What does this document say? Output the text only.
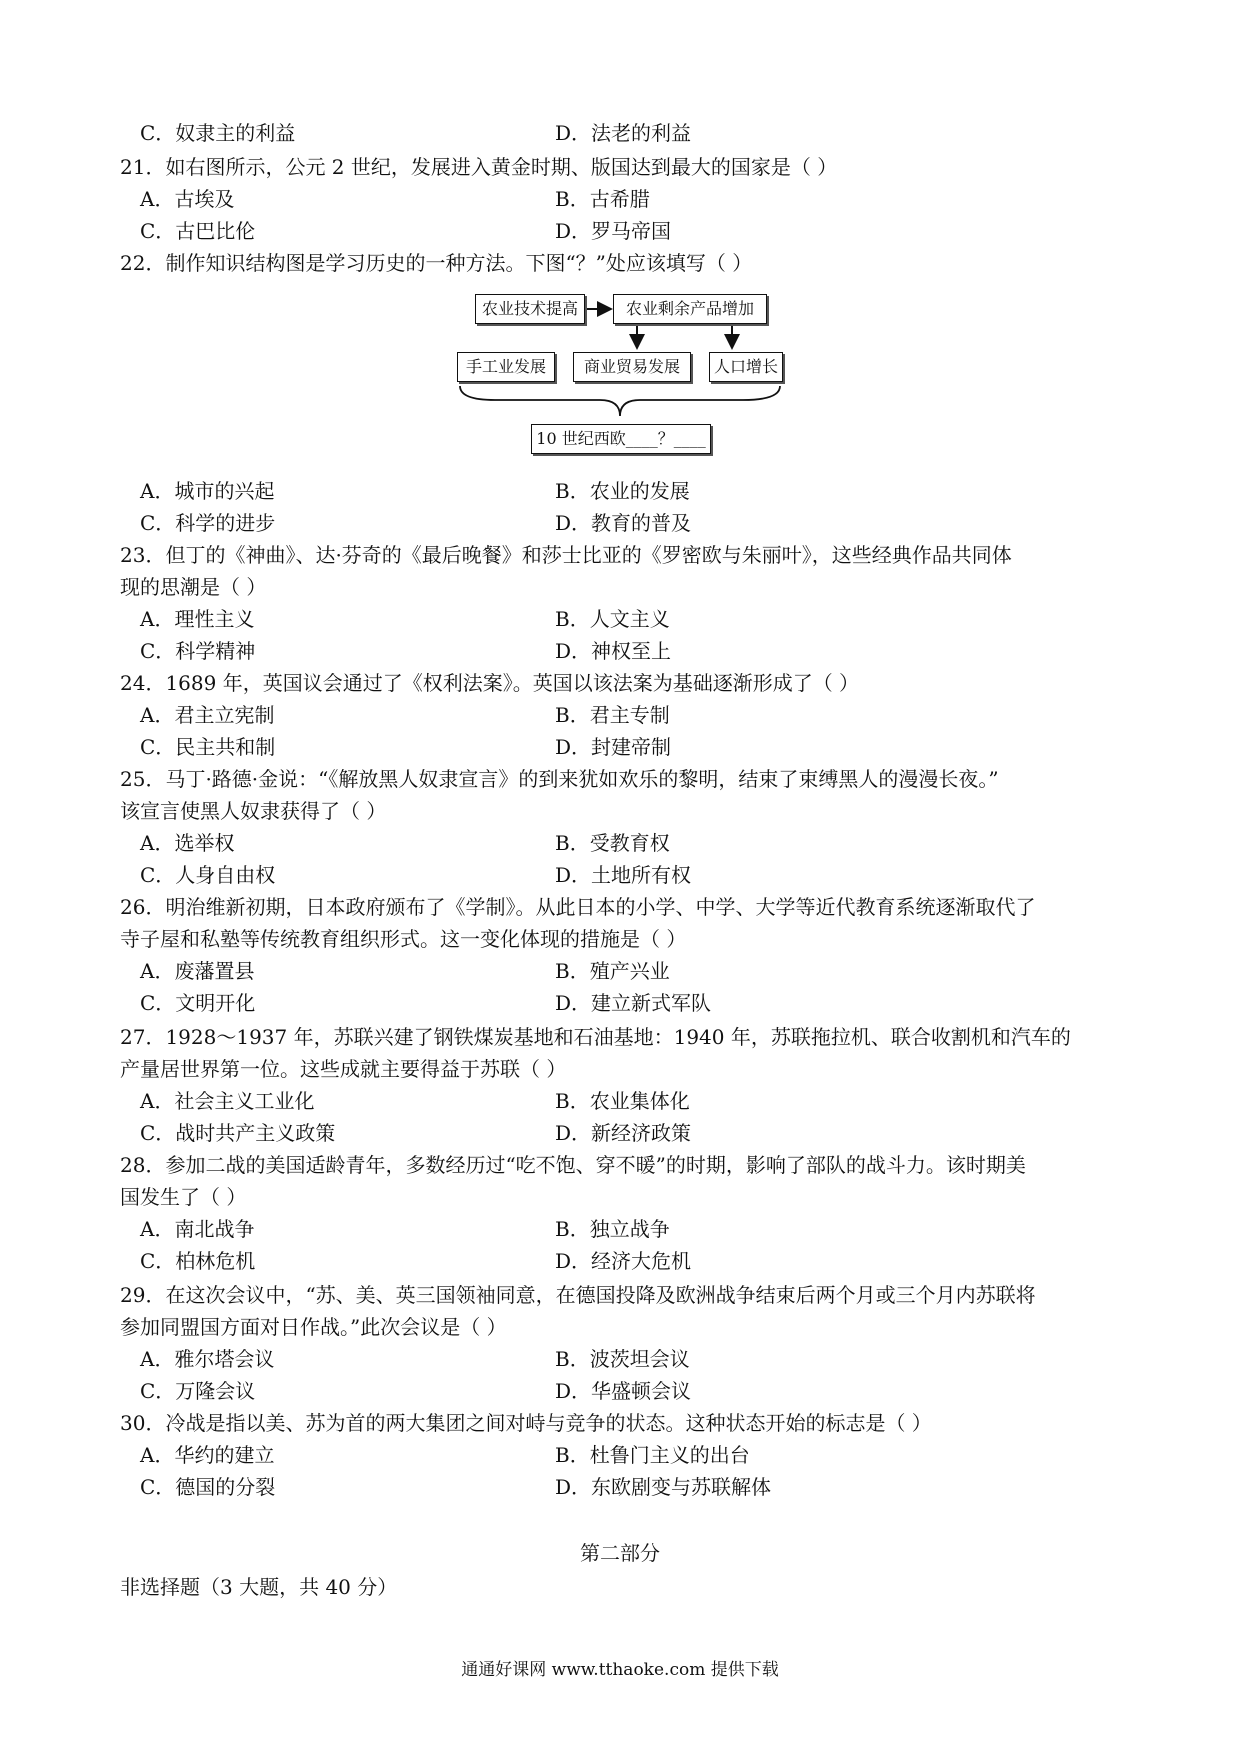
C．奴隶主的利益	D．法老的利益
21．如右图所示，公元 2 世纪，发展进入黄金时期、版国达到最大的国家是（ ）
A．古埃及	B．古希腊
C．古巴比伦	D．罗马帝国
22．制作知识结构图是学习历史的一种方法。下图“？”处应该填写（ ）
农业技术提高	农业剩余产品增加
手工业发展	商业贸易发展	人口增长
10 世纪西欧____？____
A．城市的兴起	B．农业的发展
C．科学的进步	D．教育的普及
23．但丁的《神曲》、达·芬奇的《最后晚餐》和莎士比亚的《罗密欧与朱丽叶》，这些经典作品共同体
现的思潮是（ ）
A．理性主义	B．人文主义
C．科学精神	D．神权至上
24．1689 年，英国议会通过了《权利法案》。英国以该法案为基础逐渐形成了（ ）
A．君主立宪制	B．君主专制
C．民主共和制	D．封建帝制
25．马丁·路德·金说：“《解放黑人奴隶宣言》的到来犹如欢乐的黎明，结束了束缚黑人的漫漫长夜。”
该宣言使黑人奴隶获得了（ ）
A．选举权	B．受教育权
C．人身自由权	D．土地所有权
26．明治维新初期，日本政府颁布了《学制》。从此日本的小学、中学、大学等近代教育系统逐渐取代了
寺子屋和私塾等传统教育组织形式。这一变化体现的措施是（ ）
A．废藩置县	B．殖产兴业
C．文明开化	D．建立新式军队
27．1928～1937 年，苏联兴建了钢铁煤炭基地和石油基地：1940 年，苏联拖拉机、联合收割机和汽车的
产量居世界第一位。这些成就主要得益于苏联（ ）
A．社会主义工业化	B．农业集体化
C．战时共产主义政策	D．新经济政策
28．参加二战的美国适龄青年，多数经历过“吃不饱、穿不暖”的时期，影响了部队的战斗力。该时期美
国发生了（ ）
A．南北战争	B．独立战争
C．柏林危机	D．经济大危机
29．在这次会议中，“苏、美、英三国领袖同意，在德国投降及欧洲战争结束后两个月或三个月内苏联将
参加同盟国方面对日作战。”此次会议是（ ）
A．雅尔塔会议	B．波茨坦会议
C．万隆会议	D．华盛顿会议
30．冷战是指以美、苏为首的两大集团之间对峙与竞争的状态。这种状态开始的标志是（ ）
A．华约的建立	B．杜鲁门主义的出台
C．德国的分裂	D．东欧剧变与苏联解体
第二部分
非选择题（3 大题，共 40 分）
通通好课网 www.tthaoke.com 提供下载
